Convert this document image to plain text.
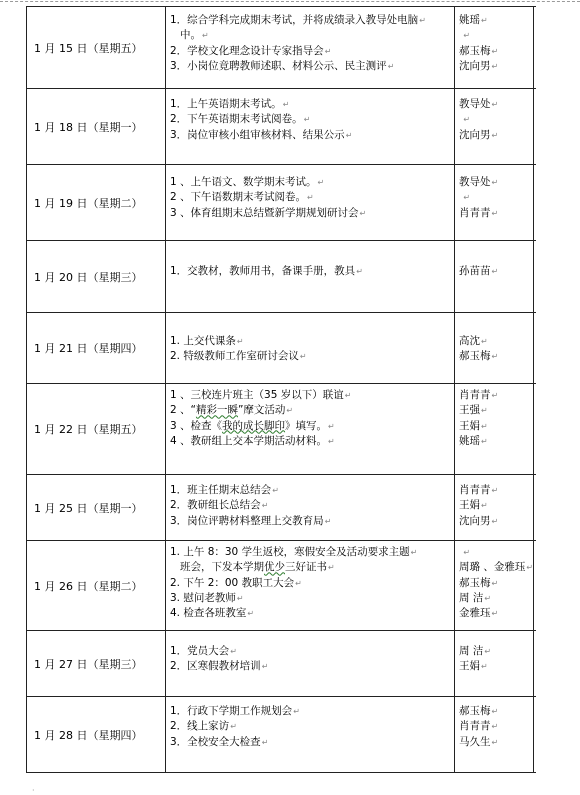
1 月 15 日（星期五）	1．综合学科完成期末考试，并将成绩录入教导处电脑↵
中。↵
2．学校文化理念设计专家指导会↵
3．小岗位竟聘教师述职、材料公示、民主测评↵	姚瑶↵
↵
郝玉梅↵
沈向男↵	

1 月 18 日（星期一）	1．上午英语期末考试。↵
2．下午英语期末考试阅卷。↵
3．岗位审核小组审核材料、结果公示↵	教导处↵
↵
沈向男↵	

1 月 19 日（星期二）	1 、上午语文、数学期末考试。↵
2 、下午语数期末考试阅卷。↵
3 、体育组期末总结暨新学期规划研讨会↵	教导处↵
↵
肖青青↵	

1 月 20 日（星期三）	1．交教材，教师用书，备课手册，教具↵	孙苗苗↵	

1 月 21 日（星期四）	1. 上交代课条↵
2. 特级教师工作室研讨会议↵	高沈↵
郝玉梅↵	

1 月 22 日（星期五）	1 、三校连片班主（35 岁以下）联谊↵
2 、“精彩一瞬”摩文活动↵
3 、检查《我的成长脚印》填写。↵
4 、教研组上交本学期活动材料。↵	肖青青↵
王强↵
王娟↵
姚瑶↵	

1 月 25 日（星期一）	1．班主任期末总结会↵
2．教研组长总结会↵
3．岗位评聘材料整理上交教育局↵	肖青青↵
王娟↵
沈向男↵	

1 月 26 日（星期二）	1. 上午 8：30 学生返校，寒假安全及活动要求主题↵
班会，下发本学期优少三好证书↵
2. 下午 2：00 教职工大会↵
3. 慰问老教师↵
4. 检查各班教室↵	↵
周璐 、金雅珏↵
郝玉梅↵
周 洁↵
金雅珏↵	

1 月 27 日（星期三）	1．党员大会↵
2．区寒假教材培训↵	周 洁↵
王娟↵	

1 月 28 日（星期四）	1．行政下学期工作规划会↵
2．线上家访↵
3．全校安全大检查↵	郝玉梅↵
肖青青↵
马久生↵	

·
